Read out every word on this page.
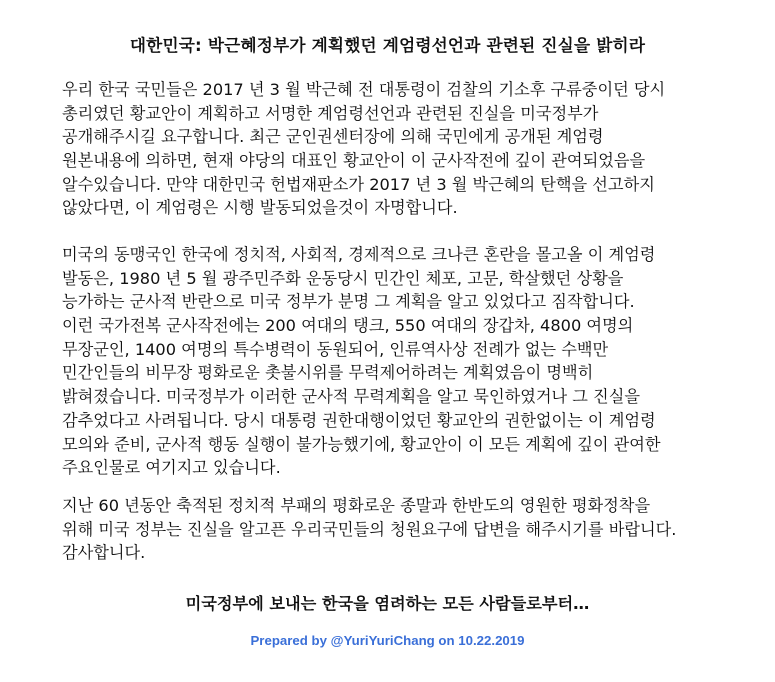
대한민국: 박근혜정부가 계획했던 계엄령선언과 관련된 진실을 밝히라
우리 한국 국민들은 2017 년 3 월 박근혜 전 대통령이 검찰의 기소후 구류중이던 당시
총리였던 황교안이 계획하고 서명한 계엄령선언과 관련된 진실을 미국정부가
공개해주시길 요구합니다. 최근 군인권센터장에 의해 국민에게 공개된 계엄령
원본내용에 의하면, 현재 야당의 대표인 황교안이 이 군사작전에 깊이 관여되었음을
알수있습니다. 만약 대한민국 헌법재판소가 2017 년 3 월 박근혜의 탄핵을 선고하지
않았다면, 이 계엄령은 시행 발동되었을것이 자명합니다.
미국의 동맹국인 한국에 정치적, 사회적, 경제적으로 크나큰 혼란을 몰고올 이 계엄령
발동은, 1980 년 5 월 광주민주화 운동당시 민간인 체포, 고문, 학살했던 상황을
능가하는 군사적 반란으로 미국 정부가 분명 그 계획을 알고 있었다고 짐작합니다.
이런 국가전복 군사작전에는 200 여대의 탱크, 550 여대의 장갑차, 4800 여명의
무장군인, 1400 여명의 특수병력이 동원되어, 인류역사상 전례가 없는 수백만
민간인들의 비무장 평화로운 촛불시위를 무력제어하려는 계획였음이 명백히
밝혀졌습니다. 미국정부가 이러한 군사적 무력계획을 알고 묵인하였거나 그 진실을
감추었다고 사려됩니다. 당시 대통령 권한대행이었던 황교안의 권한없이는 이 계엄령
모의와 준비, 군사적 행동 실행이 불가능했기에, 황교안이 이 모든 계획에 깊이 관여한
주요인물로 여기지고 있습니다.
지난 60 년동안 축적된 정치적 부패의 평화로운 종말과 한반도의 영원한 평화정착을
위해 미국 정부는 진실을 알고픈 우리국민들의 청원요구에 답변을 해주시기를 바랍니다.
감사합니다.
미국정부에 보내는 한국을 염려하는 모든 사람들로부터…
Prepared by @YuriYuriChang on 10.22.2019
